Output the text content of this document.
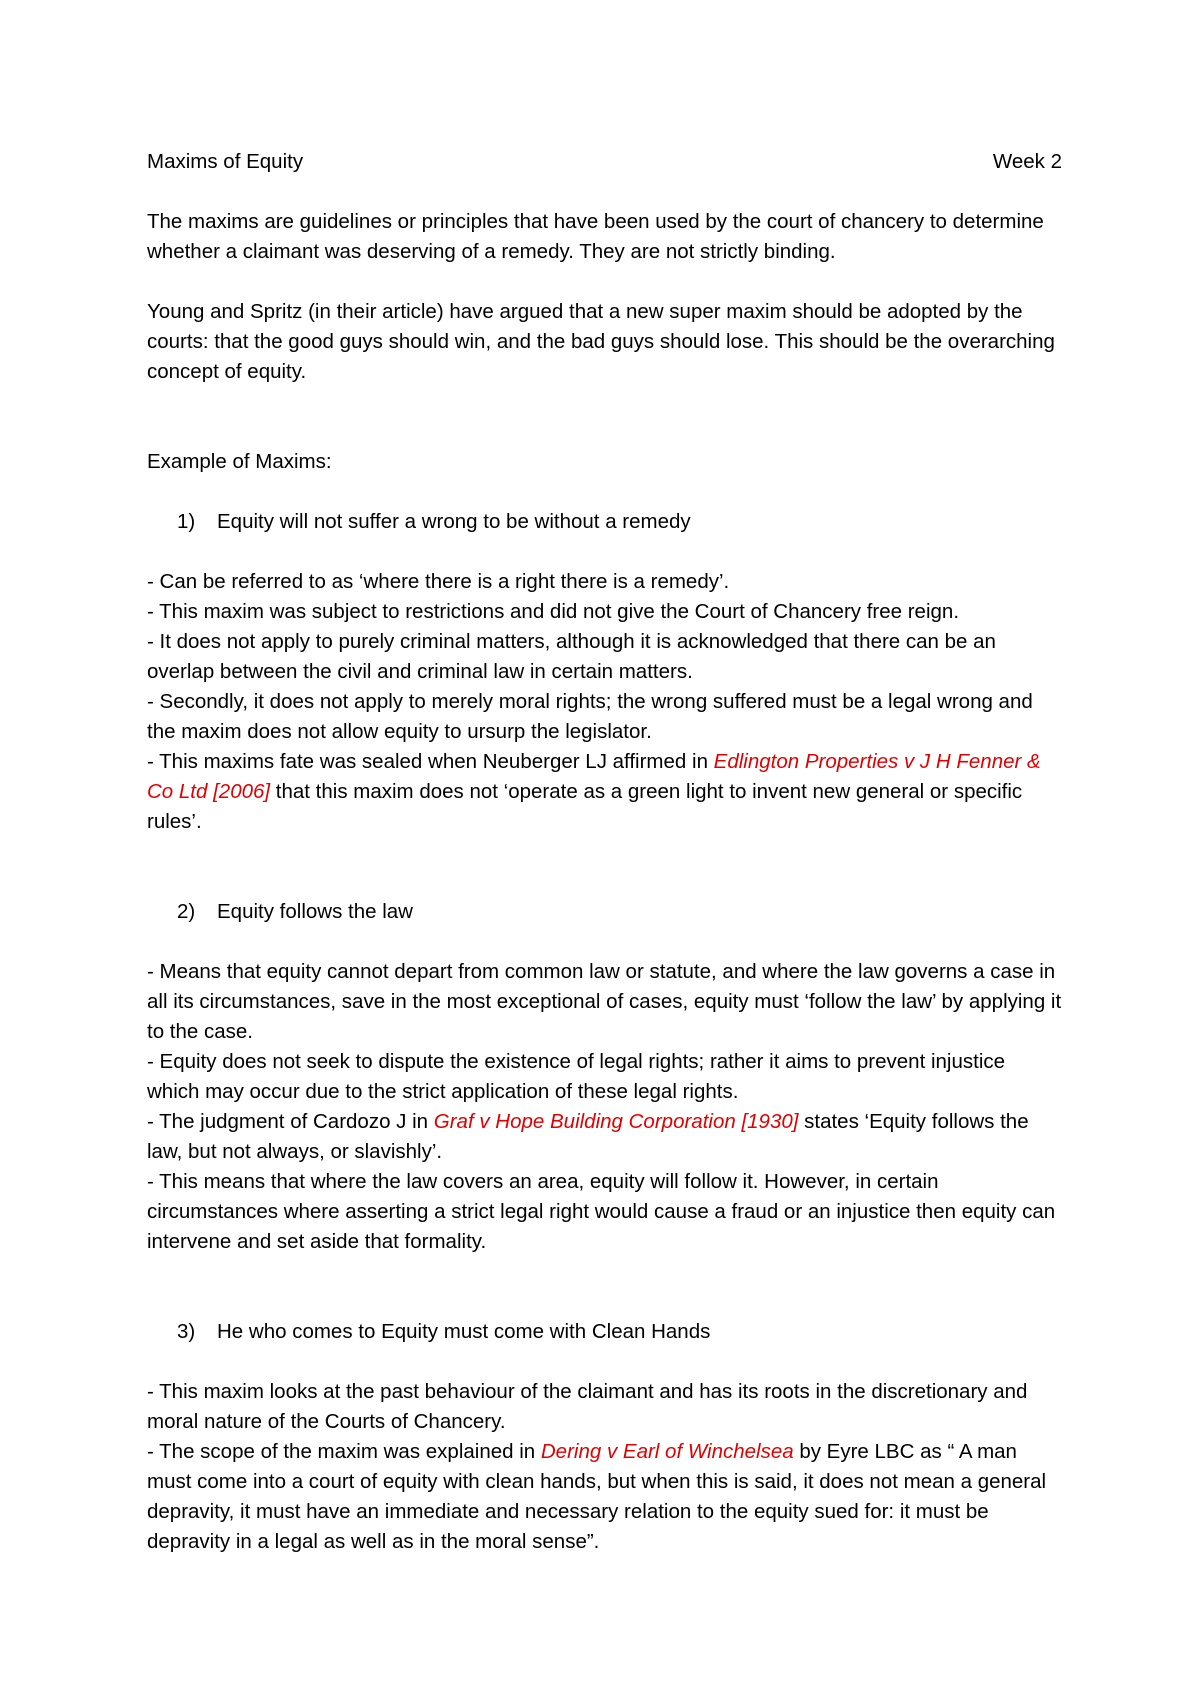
Maxims of Equity	Week 2

The maxims are guidelines or principles that have been used by the court of chancery to determine whether a claimant was deserving of a remedy. They are not strictly binding.

Young and Spritz (in their article) have argued that a new super maxim should be adopted by the courts: that the good guys should win, and the bad guys should lose. This should be the overarching concept of equity.

Example of Maxims:

1)	Equity will not suffer a wrong to be without a remedy

- Can be referred to as ‘where there is a right there is a remedy’.

- This maxim was subject to restrictions and did not give the Court of Chancery free reign.

- It does not apply to purely criminal matters, although it is acknowledged that there can be an overlap between the civil and criminal law in certain matters.

- Secondly, it does not apply to merely moral rights; the wrong suffered must be a legal wrong and the maxim does not allow equity to ursurp the legislator.

- This maxims fate was sealed when Neuberger LJ affirmed in Edlington Properties v J H Fenner & Co Ltd [2006] that this maxim does not ‘operate as a green light to invent new general or specific rules’.

2)	Equity follows the law

- Means that equity cannot depart from common law or statute, and where the law governs a case in all its circumstances, save in the most exceptional of cases, equity must ‘follow the law’ by applying it to the case.

- Equity does not seek to dispute the existence of legal rights; rather it aims to prevent injustice which may occur due to the strict application of these legal rights.

- The judgment of Cardozo J in Graf v Hope Building Corporation [1930] states ‘Equity follows the law, but not always, or slavishly’.

- This means that where the law covers an area, equity will follow it. However, in certain circumstances where asserting a strict legal right would cause a fraud or an injustice then equity can intervene and set aside that formality.

3)	He who comes to Equity must come with Clean Hands

- This maxim looks at the past behaviour of the claimant and has its roots in the discretionary and moral nature of the Courts of Chancery.

- The scope of the maxim was explained in Dering v Earl of Winchelsea by Eyre LBC as “ A man must come into a court of equity with clean hands, but when this is said, it does not mean a general depravity, it must have an immediate and necessary relation to the equity sued for: it must be depravity in a legal as well as in the moral sense”.
